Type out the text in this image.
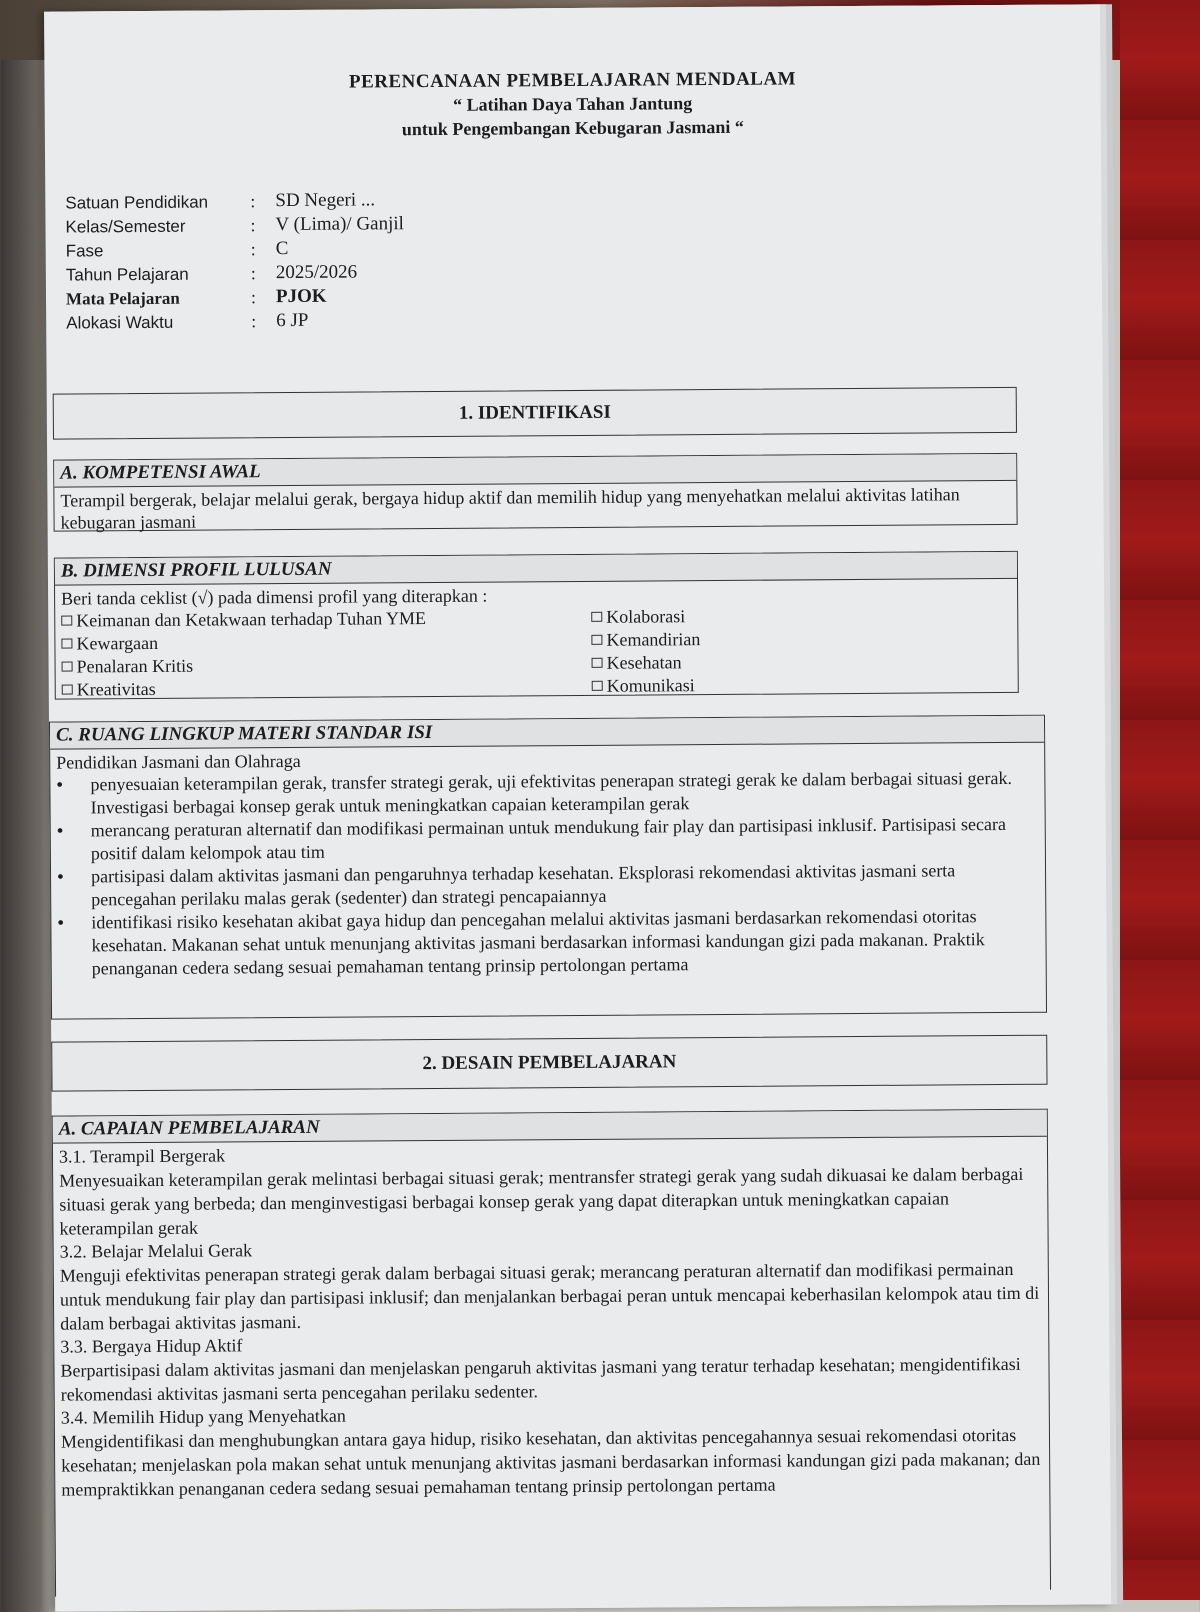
PERENCANAAN PEMBELAJARAN MENDALAM
“ Latihan Daya Tahan Jantung
untuk Pengembangan Kebugaran Jasmani “
Satuan Pendidikan	:	SD Negeri ...
Kelas/Semester	:	V (Lima)/ Ganjil
Fase	:	C
Tahun Pelajaran	:	2025/2026
Mata Pelajaran	:	PJOK
Alokasi Waktu	:	6 JP
1. IDENTIFIKASI
A. KOMPETENSI AWAL
Terampil bergerak, belajar melalui gerak, bergaya hidup aktif dan memilih hidup yang menyehatkan melalui aktivitas latihan kebugaran jasmani
B. DIMENSI PROFIL LULUSAN
Beri tanda ceklist (√) pada dimensi profil yang diterapkan :
Keimanan dan Ketakwaan terhadap Tuhan YME
Kewargaan
Penalaran Kritis
Kreativitas
Kolaborasi
Kemandirian
Kesehatan
Komunikasi
C. RUANG LINGKUP MATERI STANDAR ISI
Pendidikan Jasmani dan Olahraga
● penyesuaian keterampilan gerak, transfer strategi gerak, uji efektivitas penerapan strategi gerak ke dalam berbagai situasi gerak. Investigasi berbagai konsep gerak untuk meningkatkan capaian keterampilan gerak
● merancang peraturan alternatif dan modifikasi permainan untuk mendukung fair play dan partisipasi inklusif. Partisipasi secara positif dalam kelompok atau tim
● partisipasi dalam aktivitas jasmani dan pengaruhnya terhadap kesehatan. Eksplorasi rekomendasi aktivitas jasmani serta pencegahan perilaku malas gerak (sedenter) dan strategi pencapaiannya
● identifikasi risiko kesehatan akibat gaya hidup dan pencegahan melalui aktivitas jasmani berdasarkan rekomendasi otoritas kesehatan. Makanan sehat untuk menunjang aktivitas jasmani berdasarkan informasi kandungan gizi pada makanan. Praktik penanganan cedera sedang sesuai pemahaman tentang prinsip pertolongan pertama
2. DESAIN PEMBELAJARAN
A. CAPAIAN PEMBELAJARAN
3.1. Terampil Bergerak
Menyesuaikan keterampilan gerak melintasi berbagai situasi gerak; mentransfer strategi gerak yang sudah dikuasai ke dalam berbagai situasi gerak yang berbeda; dan menginvestigasi berbagai konsep gerak yang dapat diterapkan untuk meningkatkan capaian keterampilan gerak
3.2. Belajar Melalui Gerak
Menguji efektivitas penerapan strategi gerak dalam berbagai situasi gerak; merancang peraturan alternatif dan modifikasi permainan untuk mendukung fair play dan partisipasi inklusif; dan menjalankan berbagai peran untuk mencapai keberhasilan kelompok atau tim di dalam berbagai aktivitas jasmani.
3.3. Bergaya Hidup Aktif
Berpartisipasi dalam aktivitas jasmani dan menjelaskan pengaruh aktivitas jasmani yang teratur terhadap kesehatan; mengidentifikasi rekomendasi aktivitas jasmani serta pencegahan perilaku sedenter.
3.4. Memilih Hidup yang Menyehatkan
Mengidentifikasi dan menghubungkan antara gaya hidup, risiko kesehatan, dan aktivitas pencegahannya sesuai rekomendasi otoritas kesehatan; menjelaskan pola makan sehat untuk menunjang aktivitas jasmani berdasarkan informasi kandungan gizi pada makanan; dan mempraktikkan penanganan cedera sedang sesuai pemahaman tentang prinsip pertolongan pertama
